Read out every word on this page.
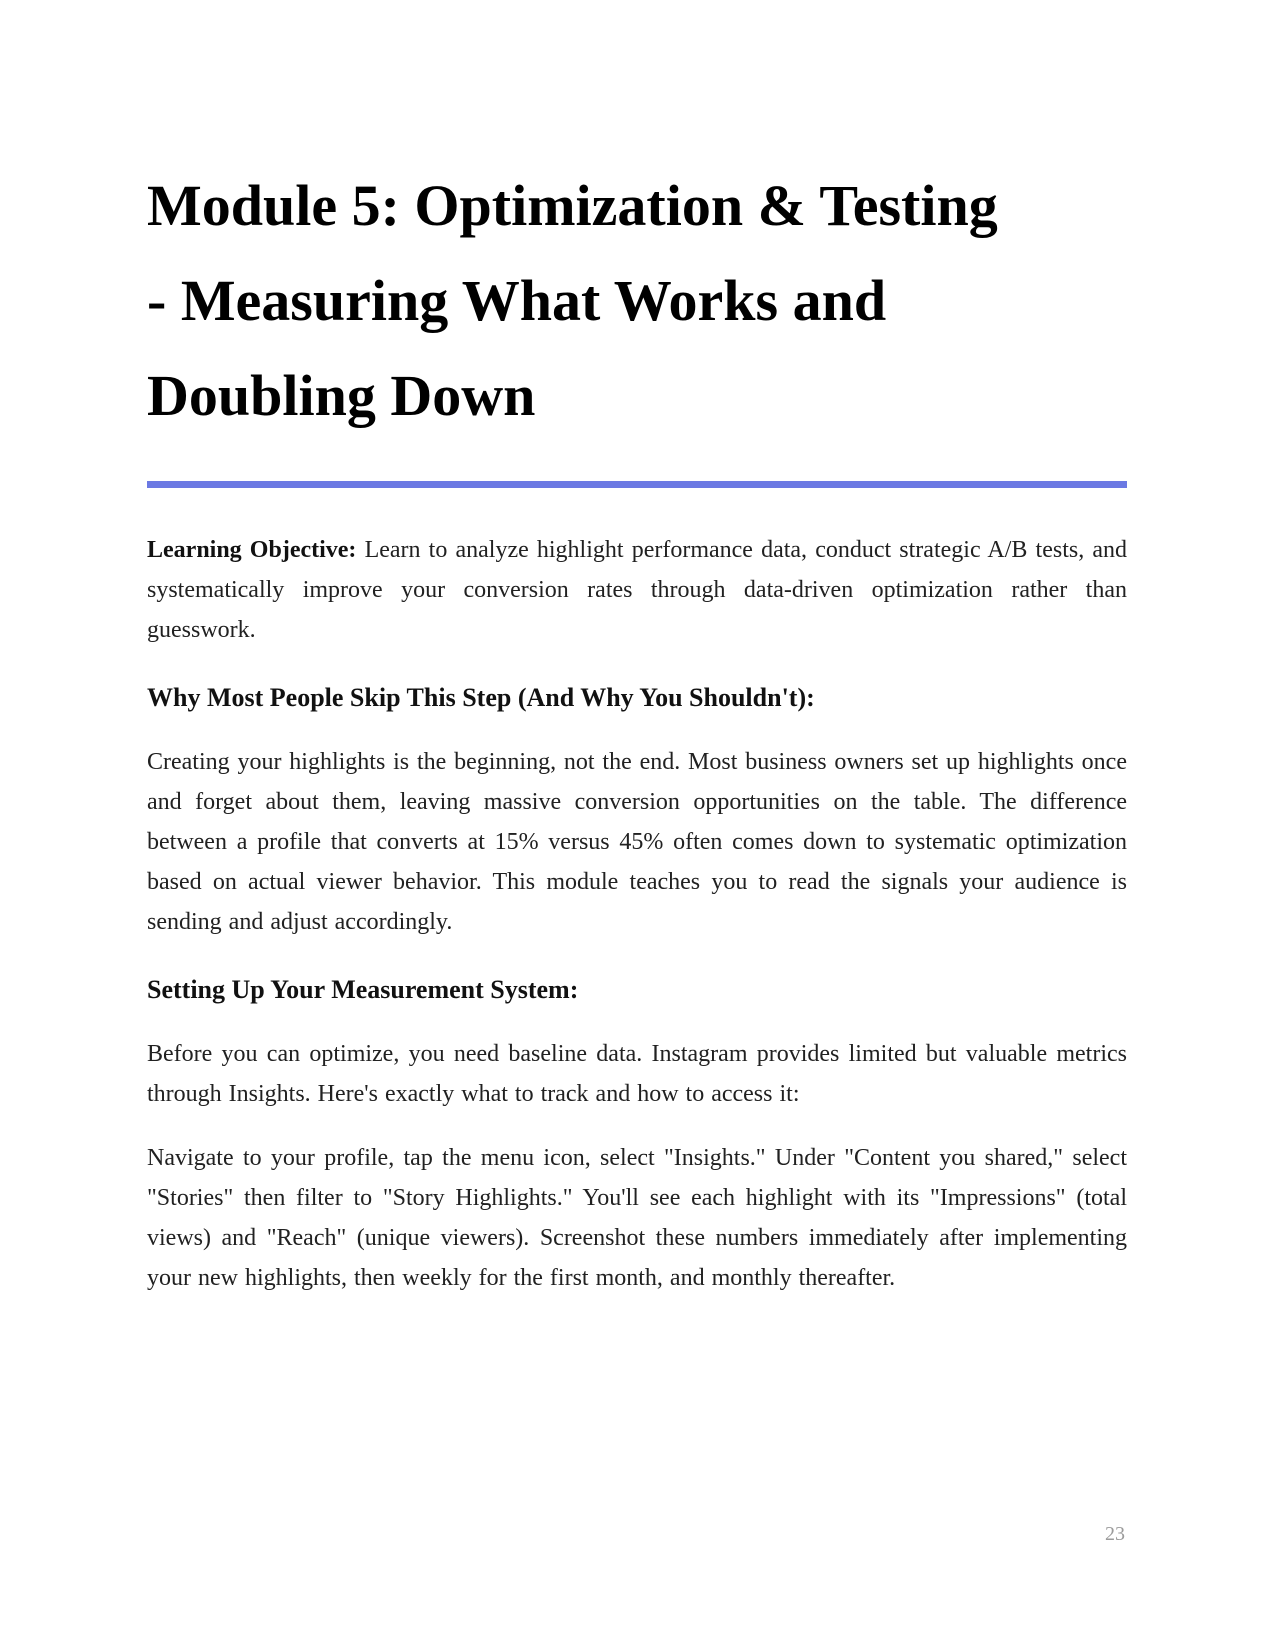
Module 5: Optimization & Testing - Measuring What Works and Doubling Down

Learning Objective: Learn to analyze highlight performance data, conduct strategic A/B tests, and systematically improve your conversion rates through data-driven optimization rather than guesswork.

Why Most People Skip This Step (And Why You Shouldn't):

Creating your highlights is the beginning, not the end. Most business owners set up highlights once and forget about them, leaving massive conversion opportunities on the table. The difference between a profile that converts at 15% versus 45% often comes down to systematic optimization based on actual viewer behavior. This module teaches you to read the signals your audience is sending and adjust accordingly.

Setting Up Your Measurement System:

Before you can optimize, you need baseline data. Instagram provides limited but valuable metrics through Insights. Here's exactly what to track and how to access it:

Navigate to your profile, tap the menu icon, select "Insights." Under "Content you shared," select "Stories" then filter to "Story Highlights." You'll see each highlight with its "Impressions" (total views) and "Reach" (unique viewers). Screenshot these numbers immediately after implementing your new highlights, then weekly for the first month, and monthly thereafter.

23
